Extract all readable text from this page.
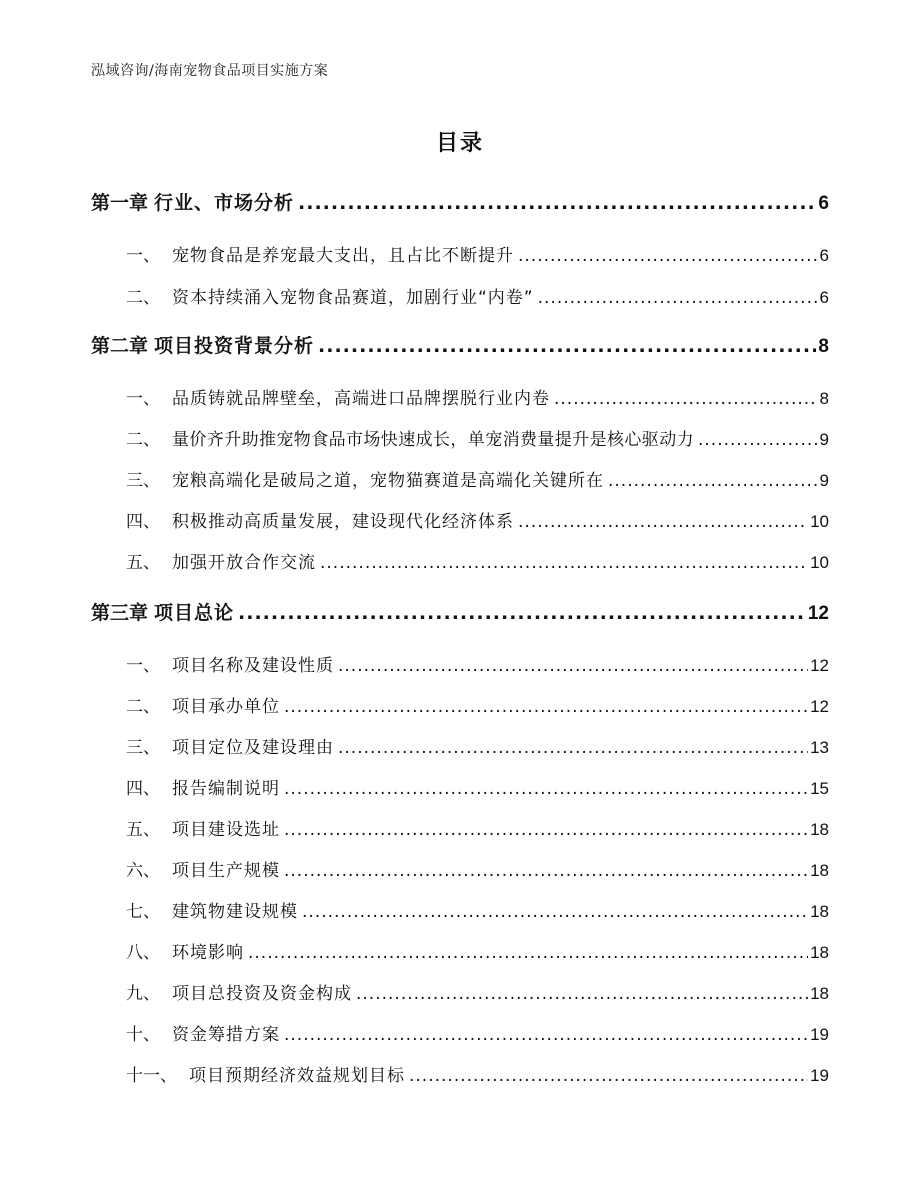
泓域咨询/海南宠物食品项目实施方案
目录
第一章 行业、市场分析 .....	6
一、 宠物食品是养宠最大支出，且占比不断提升 .....	6
二、 资本持续涌入宠物食品赛道，加剧行业“内卷” .....	6
第二章 项目投资背景分析 .....	8
一、 品质铸就品牌壁垒，高端进口品牌摆脱行业内卷 .....	8
二、 量价齐升助推宠物食品市场快速成长，单宠消费量提升是核心驱动力 .....	9
三、 宠粮高端化是破局之道，宠物猫赛道是高端化关键所在 .....	9
四、 积极推动高质量发展，建设现代化经济体系 .....	10
五、 加强开放合作交流 .....	10
第三章 项目总论 .....	12
一、 项目名称及建设性质 .....	12
二、 项目承办单位 .....	12
三、 项目定位及建设理由 .....	13
四、 报告编制说明 .....	15
五、 项目建设选址 .....	18
六、 项目生产规模 .....	18
七、 建筑物建设规模 .....	18
八、 环境影响 .....	18
九、 项目总投资及资金构成 .....	18
十、 资金筹措方案 .....	19
十一、 项目预期经济效益规划目标 .....	19
